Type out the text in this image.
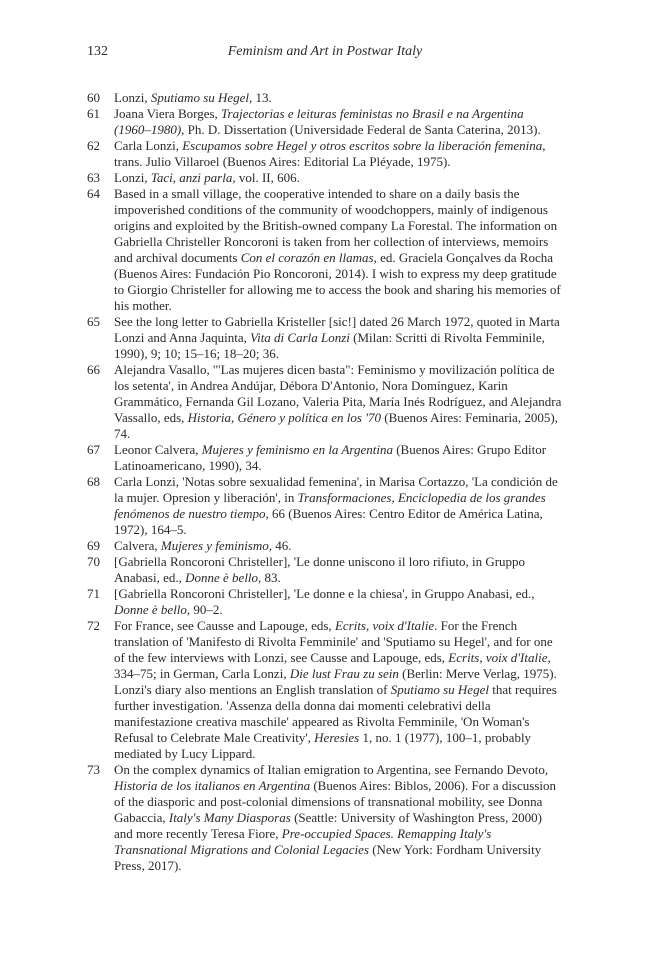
132	Feminism and Art in Postwar Italy
60	Lonzi, Sputiamo su Hegel, 13.
61	Joana Viera Borges, Trajectorias e leituras feministas no Brasil e na Argentina (1960–1980), Ph. D. Dissertation (Universidade Federal de Santa Caterina, 2013).
62	Carla Lonzi, Escupamos sobre Hegel y otros escritos sobre la liberación femenina, trans. Julio Villaroel (Buenos Aires: Editorial La Pléyade, 1975).
63	Lonzi, Taci, anzi parla, vol. II, 606.
64	Based in a small village, the cooperative intended to share on a daily basis the impoverished conditions of the community of woodchoppers, mainly of indigenous origins and exploited by the British-owned company La Forestal. The information on Gabriella Christeller Roncoroni is taken from her collection of interviews, memoirs and archival documents Con el corazón en llamas, ed. Graciela Gonçalves da Rocha (Buenos Aires: Fundación Pio Roncoroni, 2014). I wish to express my deep gratitude to Giorgio Christeller for allowing me to access the book and sharing his memories of his mother.
65	See the long letter to Gabriella Kristeller [sic!] dated 26 March 1972, quoted in Marta Lonzi and Anna Jaquinta, Vita di Carla Lonzi (Milan: Scritti di Rivolta Femminile, 1990), 9; 10; 15–16; 18–20; 36.
66	Alejandra Vasallo, '"Las mujeres dicen basta": Feminismo y movilización política de los setenta', in Andrea Andújar, Débora D'Antonio, Nora Domínguez, Karin Grammático, Fernanda Gil Lozano, Valeria Pita, María Inés Rodríguez, and Alejandra Vassallo, eds, Historia, Género y política en los '70 (Buenos Aires: Feminaria, 2005), 74.
67	Leonor Calvera, Mujeres y feminismo en la Argentina (Buenos Aires: Grupo Editor Latinoamericano, 1990), 34.
68	Carla Lonzi, 'Notas sobre sexualidad femenina', in Marisa Cortazzo, 'La condición de la mujer. Opresion y liberación', in Transformaciones, Enciclopedia de los grandes fenómenos de nuestro tiempo, 66 (Buenos Aires: Centro Editor de América Latina, 1972), 164–5.
69	Calvera, Mujeres y feminismo, 46.
70	[Gabriella Roncoroni Christeller], 'Le donne uniscono il loro rifiuto, in Gruppo Anabasi, ed., Donne è bello, 83.
71	[Gabriella Roncoroni Christeller], 'Le donne e la chiesa', in Gruppo Anabasi, ed., Donne è bello, 90–2.
72	For France, see Causse and Lapouge, eds, Ecrits, voix d'Italie. For the French translation of 'Manifesto di Rivolta Femminile' and 'Sputiamo su Hegel', and for one of the few interviews with Lonzi, see Causse and Lapouge, eds, Ecrits, voix d'Italie, 334–75; in German, Carla Lonzi, Die lust Frau zu sein (Berlin: Merve Verlag, 1975). Lonzi's diary also mentions an English translation of Sputiamo su Hegel that requires further investigation. 'Assenza della donna dai momenti celebrativi della manifestazione creativa maschile' appeared as Rivolta Femminile, 'On Woman's Refusal to Celebrate Male Creativity', Heresies 1, no. 1 (1977), 100–1, probably mediated by Lucy Lippard.
73	On the complex dynamics of Italian emigration to Argentina, see Fernando Devoto, Historia de los italianos en Argentina (Buenos Aires: Biblos, 2006). For a discussion of the diasporic and post-colonial dimensions of transnational mobility, see Donna Gabaccia, Italy's Many Diasporas (Seattle: University of Washington Press, 2000) and more recently Teresa Fiore, Pre-occupied Spaces. Remapping Italy's Transnational Migrations and Colonial Legacies (New York: Fordham University Press, 2017).
